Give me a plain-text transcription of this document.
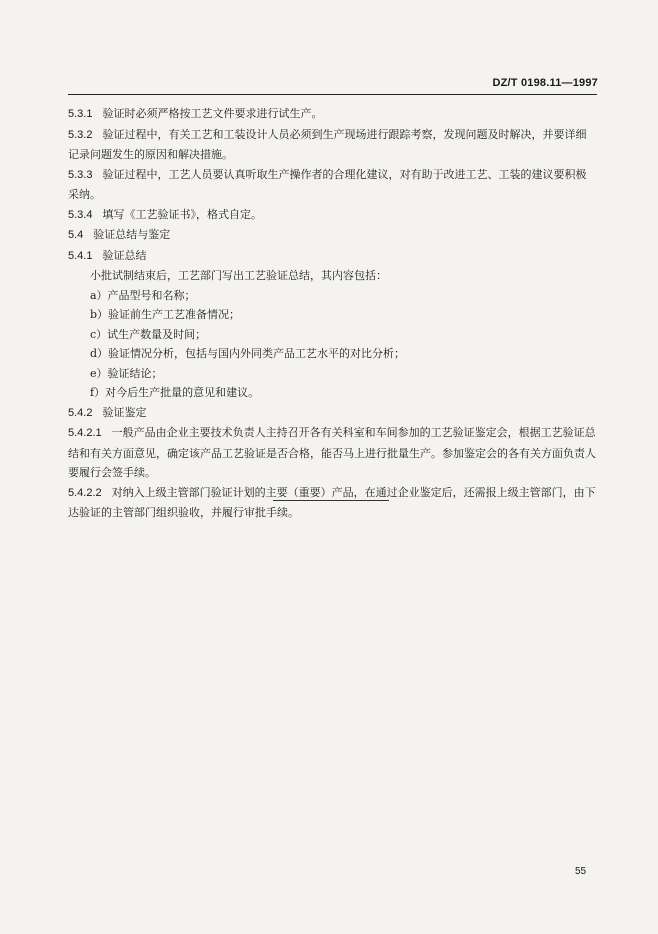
DZ/T 0198.11—1997

5.3.1 验证时必须严格按工艺文件要求进行试生产。

5.3.2 验证过程中，有关工艺和工装设计人员必须到生产现场进行跟踪考察，发现问题及时解决，并要详细记录问题发生的原因和解决措施。

5.3.3 验证过程中，工艺人员要认真听取生产操作者的合理化建议，对有助于改进工艺、工装的建议要积极采纳。

5.3.4 填写《工艺验证书》，格式自定。

5.4 验证总结与鉴定

5.4.1 验证总结

小批试制结束后，工艺部门写出工艺验证总结，其内容包括：

a）产品型号和名称；

b）验证前生产工艺准备情况；

c）试生产数量及时间；

d）验证情况分析，包括与国内外同类产品工艺水平的对比分析；

e）验证结论；

f）对今后生产批量的意见和建议。

5.4.2 验证鉴定

5.4.2.1 一般产品由企业主要技术负责人主持召开各有关科室和车间参加的工艺验证鉴定会，根据工艺验证总结和有关方面意见，确定该产品工艺验证是否合格，能否马上进行批量生产。参加鉴定会的各有关方面负责人要履行会签手续。

5.4.2.2 对纳入上级主管部门验证计划的主要（重要）产品，在通过企业鉴定后，还需报上级主管部门，由下达验证的主管部门组织验收，并履行审批手续。

55
